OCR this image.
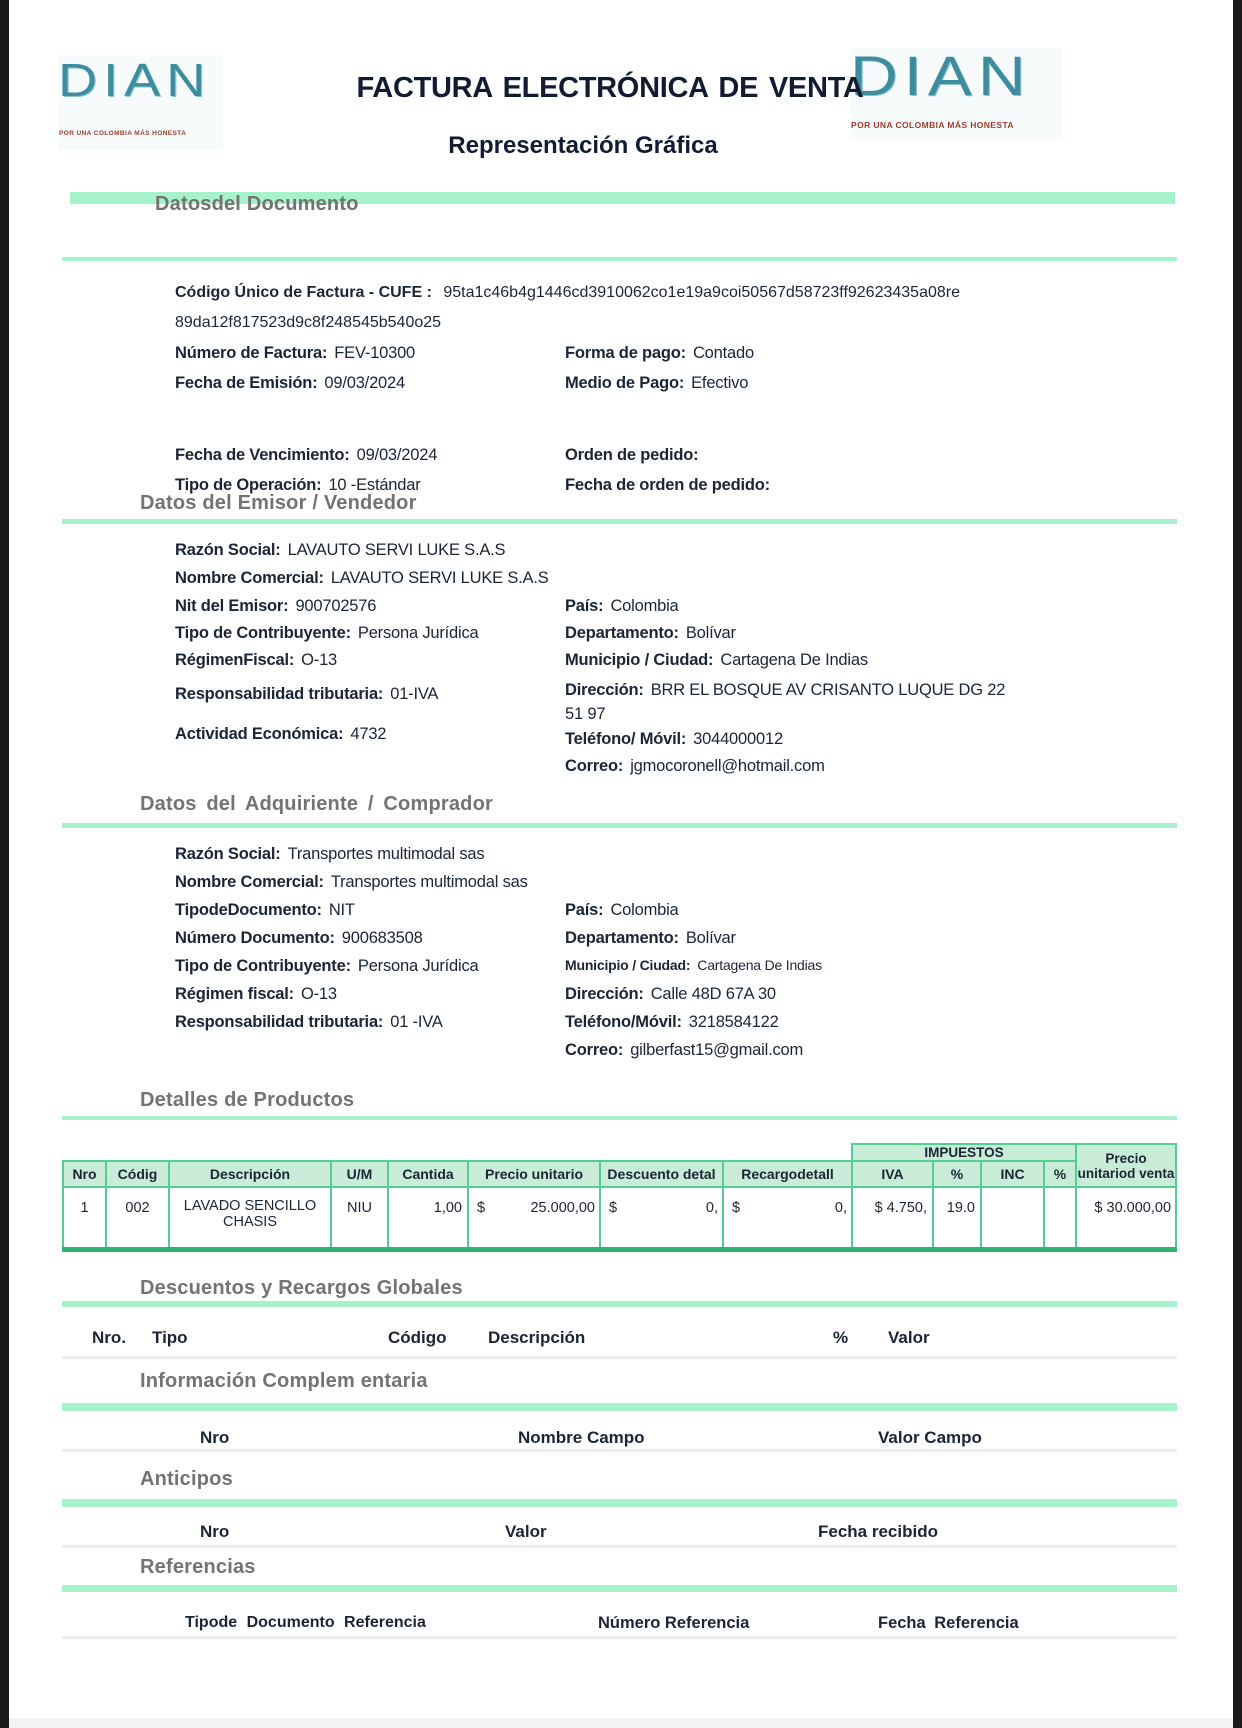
DIAN
POR UNA COLOMBIA MÁS HONESTA
DIAN
POR UNA COLOMBIA MÁS HONESTA
FACTURA ELECTRÓNICA DE VENTA
Representación Gráfica
Datosdel Documento
Código Único de Factura - CUFE : 95ta1c46b4g1446cd3910062co1e19a9coi50567d58723ff92623435a08re
89da12f817523d9c8f248545b540o25
Número de Factura: FEV-10300
Fecha de Emisión: 09/03/2024
Fecha de Vencimiento: 09/03/2024
Tipo de Operación: 10 -Estándar
Forma de pago: Contado
Medio de Pago: Efectivo
Orden de pedido:
Fecha de orden de pedido:
Datos del Emisor / Vendedor
Razón Social: LAVAUTO SERVI LUKE S.A.S
Nombre Comercial: LAVAUTO SERVI LUKE S.A.S
Nit del Emisor: 900702576
Tipo de Contribuyente: Persona Jurídica
RégimenFiscal: O-13
Responsabilidad tributaria: 01-IVA
Actividad Económica: 4732
País: Colombia
Departamento: Bolívar
Municipio / Ciudad: Cartagena De Indias
Dirección: BRR EL BOSQUE AV CRISANTO LUQUE DG 22 51 97
Teléfono/ Móvil: 3044000012
Correo: jgmocoronell@hotmail.com
Datos del Adquiriente / Comprador
Razón Social: Transportes multimodal sas
Nombre Comercial: Transportes multimodal sas
TipodeDocumento: NIT
Número Documento: 900683508
Tipo de Contribuyente: Persona Jurídica
Régimen fiscal: O-13
Responsabilidad tributaria: 01 -IVA
País: Colombia
Departamento: Bolívar
Municipio / Ciudad: Cartagena De Indias
Dirección: Calle 48D 67A 30
Teléfono/Móvil: 3218584122
Correo: gilberfast15@gmail.com
Detalles de Productos
								IMPUESTOS				Precio unitariod venta
Nro	Códig	Descripción	U/M	Cantida	Precio unitario	Descuento detal	Recargodetall	IVA	%	INC	%	
1	002	LAVADO SENCILLO CHASIS	NIU	1,00	$ 25.000,00	$ 0,	$ 0,	$ 4.750,	19.0			$ 30.000,00
Descuentos y Recargos Globales
Nro. Tipo	Código Descripción	% Valor
Información Complem entaria
Nro	Nombre Campo	Valor Campo
Anticipos
Nro	Valor	Fecha recibido
Referencias
Tipode Documento Referencia	Número Referencia	Fecha Referencia
